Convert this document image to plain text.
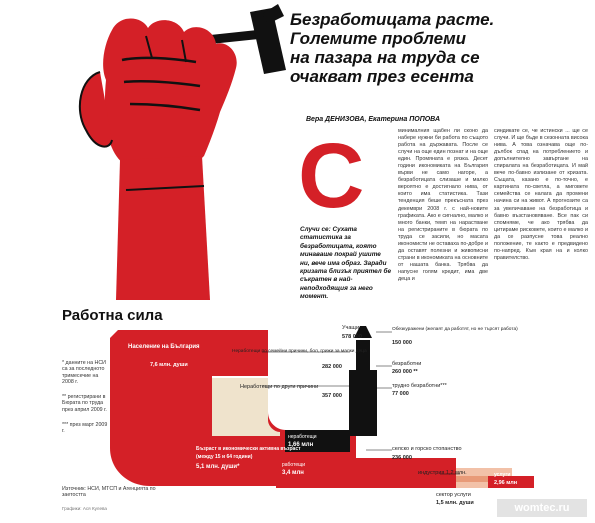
Безработицата расте.
Големите проблеми
на пазара на труда се
очакват през есента
Вера ДЕНИЗОВА, Екатерина ПОПОВА
С
Случи се: Сухата статистика за безработицата, която минаваше покрай ушите ни, вече има образ. Заради кризата близък приятел бе съкратен в най-неподходящия за него момент.
минималния щабен ли сконо да набере нужни би работа по същото работа на държавата. После се случи на още един познат и на още един. Промяната е рязка. Десет години икономиката на България върви не само нагоре, а безработицата слизаше и малко вероятно е достигнало нива, от които има статистика. Тази тенденция беше прекъсната през декември 2008 г. с най-новите графиката. Ако е сигнално, малко и много банки, темп на нарастване на регистрираните в бюрата по труда се засили, но масата икономисти не оставаха по-добре и да оставят полезни и живописни страни в икономиката на основните от нашата банка. Трябва да напусне голям кредит, има две деца и
синдикате се, че истински ... ще се случи. И ще бъде в сезонната висока нива. А това означава още по-дълбок спад на потреблението и допълнително завъртане на спиралата на безработицата. И май вече по-бавно излизане от кризата. Същата, казано е по-точно, е картината по-светла, а миговете семейства се налага да промени начина си на живот. А прогнозите са за увеличаване на безработица и бавно възстановяване. Все пак си спомняме, че ако трябва да цитираме рисковете, които е малко и да се разпусне това реално положение, те както е предвидено по-напред. Към края на и колко правителство.
Работна сила
Население на България
7,6 млн. души
Бъзраст в икономически активна възраст
(между 15 и 64 години)
5,1 млн. души*
Учащи
578 000
Неработещи по семейни причини, бол, грижи за малки деца
282 000
Неработещи по други причини
357 000
Обезкуражени (желаят да работят, но не търсят работа)
150 000
безработни
260 000 **
трудно безработни***
77 000
неработещи
1,66 млн
селско и горско стопанство
236 000
работещи
3,4 млн	индустрия 1,2 млн.	услуги
2,96 млн
сектор услуги
1,5 млн. души
* данните на НСИ са за последното тримесечие на 2008 г.
** регистрирани в Бюрата по труда през април 2009 г.
*** през март 2009 г.
Източник: НСИ, МТСП и Агенцията по заетостта
Графики: Ася Кулева	womtec.ru
